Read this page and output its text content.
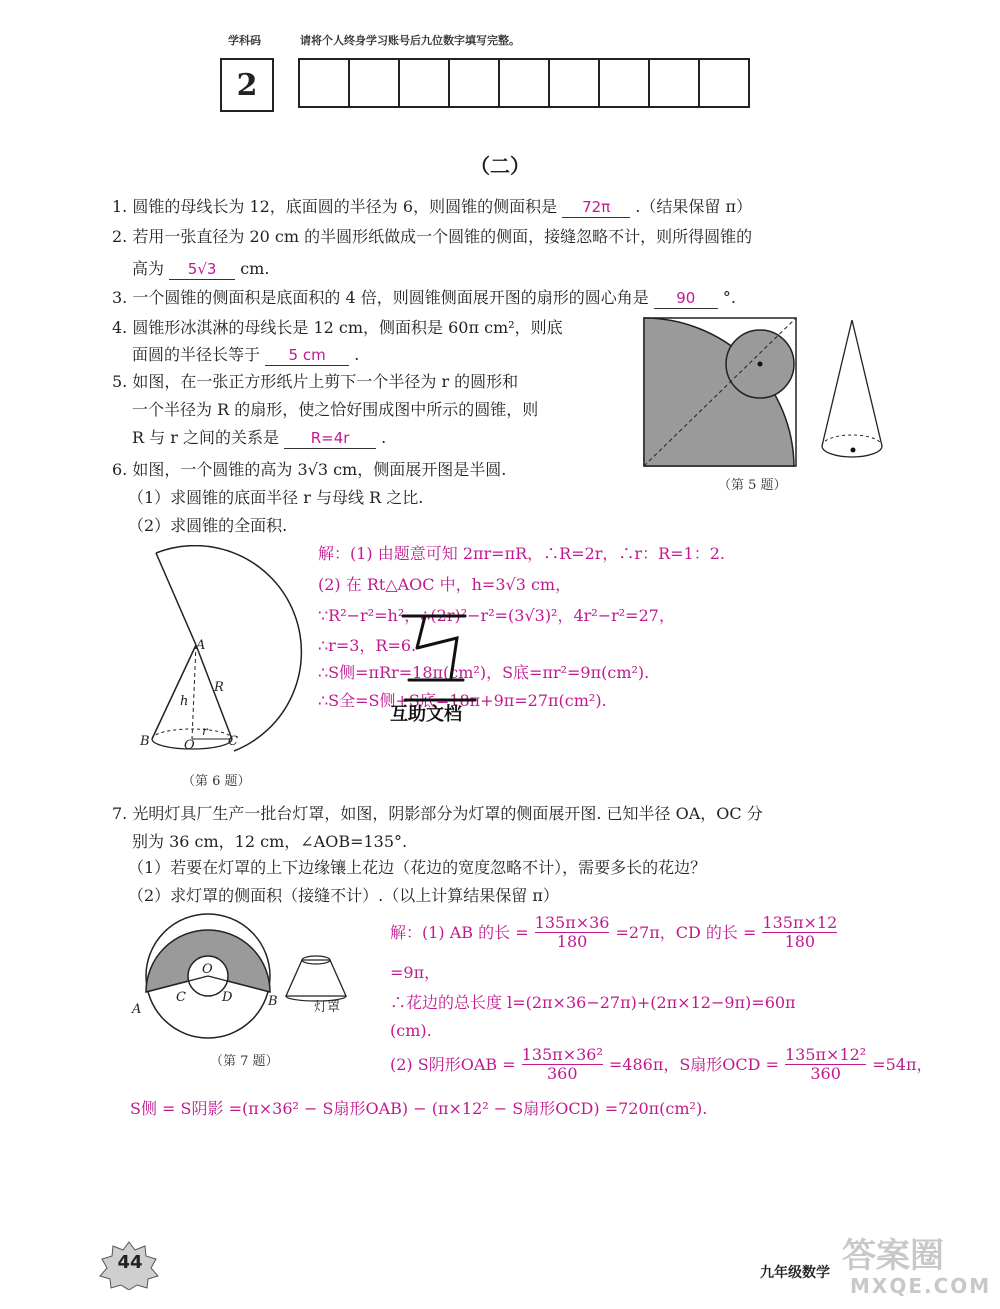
学科码	请将个人终身学习账号后九位数字填写完整。
2
（二）
1. 圆锥的母线长为 12，底面圆的半径为 6，则圆锥的侧面积是 72π .（结果保留 π）
2. 若用一张直径为 20 cm 的半圆形纸做成一个圆锥的侧面，接缝忽略不计，则所得圆锥的
高为 5√3 cm.
3. 一个圆锥的侧面积是底面积的 4 倍，则圆锥侧面展开图的扇形的圆心角是 90 °.
4. 圆锥形冰淇淋的母线长是 12 cm，侧面积是 60π cm²，则底
面圆的半径长等于 5 cm .
5. 如图，在一张正方形纸片上剪下一个半径为 r 的圆形和
一个半径为 R 的扇形，使之恰好围成图中所示的圆锥，则
R 与 r 之间的关系是 R=4r .
6. 如图，一个圆锥的高为 3√3 cm，侧面展开图是半圆.
（1）求圆锥的底面半径 r 与母线 R 之比.
（2）求圆锥的全面积.
（第 5 题）
A
B	C
O
h
R
r
（第 6 题）
解：(1) 由题意可知 2πr=πR，∴R=2r，∴r：R=1：2.
(2) 在 Rt△AOC 中，h=3√3 cm，
∵R²−r²=h²，∴(2r)²−r²=(3√3)²，4r²−r²=27，
∴r=3，R=6.
∴S侧=πRr=18π(cm²)，S底=πr²=9π(cm²).
∴S全=S侧+S底=18π+9π=27π(cm²).
互助文档
7. 光明灯具厂生产一批台灯罩，如图，阴影部分为灯罩的侧面展开图. 已知半径 OA，OC 分
别为 36 cm，12 cm，∠AOB=135°.
（1）若要在灯罩的上下边缘镶上花边（花边的宽度忽略不计），需要多长的花边？
（2）求灯罩的侧面积（接缝不计）.（以上计算结果保留 π）
O
A
B
C	D
灯罩
（第 7 题）
解：(1) AB 的长 = $\frac{135\pi\times 36}{180} =27\pi$，CD 的长 = $\frac{135\pi\times 12}{180}$
=9π，
∴花边的总长度 l=(2π×36−27π)+(2π×12−9π)=60π
(cm).
(2) S阴形OAB = $\frac{\text{135π×36²}}{360} =486\pi$，S扇形OCD = $\frac{\text{135π×12²}}{360} =54\pi$，
S侧 = S阴影 =(π×36² − S扇形OAB) − (π×12² − S扇形OCD) =720π(cm²).
44	九年级数学 答案圈
MXQE.COM
